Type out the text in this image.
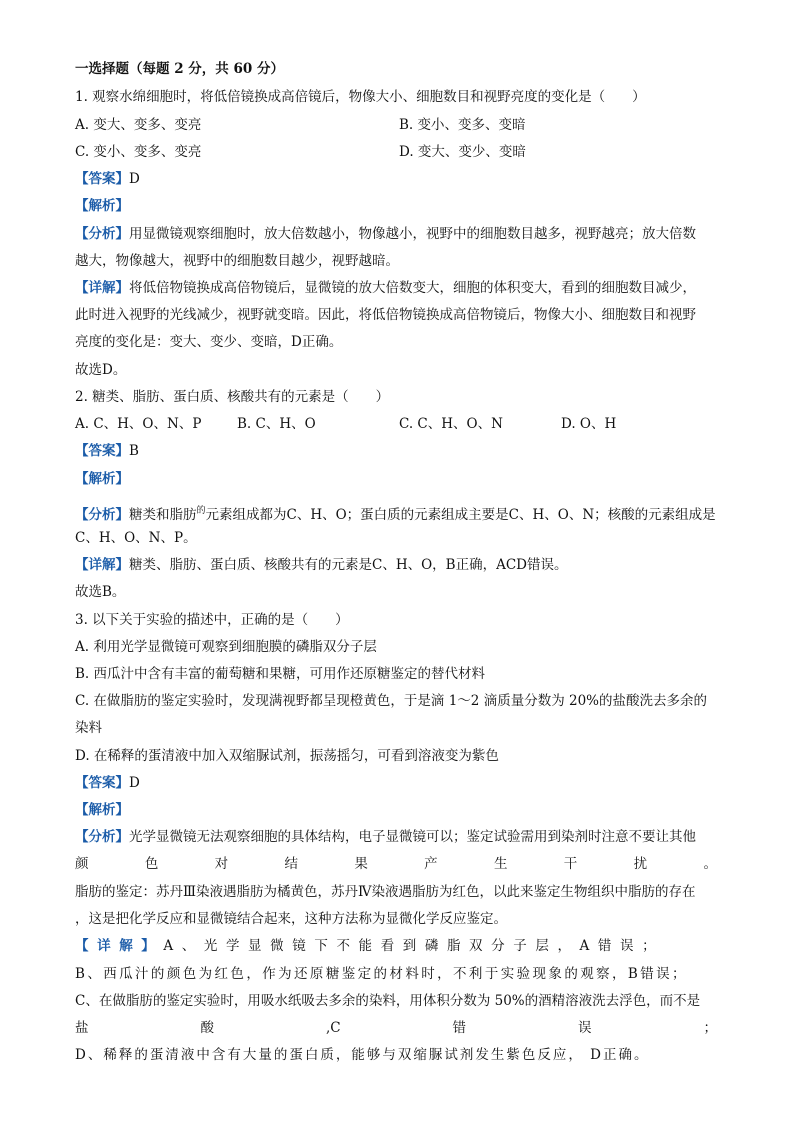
一选择题（每题 2 分，共 60 分）
1. 观察水绵细胞时，将低倍镜换成高倍镜后，物像大小、细胞数目和视野亮度的变化是（　　）
A. 变大、变多、变亮	B. 变小、变多、变暗
C. 变小、变多、变亮	D. 变大、变少、变暗
【答案】D
【解析】
【分析】用显微镜观察细胞时，放大倍数越小，物像越小，视野中的细胞数目越多，视野越亮；放大倍数
越大，物像越大，视野中的细胞数目越少，视野越暗。
【详解】将低倍物镜换成高倍物镜后，显微镜的放大倍数变大，细胞的体积变大，看到的细胞数目减少，
此时进入视野的光线减少，视野就变暗。因此，将低倍物镜换成高倍物镜后，物像大小、细胞数目和视野
亮度的变化是：变大、变少、变暗，D正确。
故选D。
2. 糖类、脂肪、蛋白质、核酸共有的元素是（　　）
A. C、H、O、N、P	B. C、H、O	C. C、H、O、N	D. O、H
【答案】B
【解析】
【分析】糖类和脂肪$^的$元素组成都为C、H、O；蛋白质的元素组成主要是C、H、O、N；核酸的元素组成是
C、H、O、N、P。
【详解】糖类、脂肪、蛋白质、核酸共有的元素是C、H、O，B正确，ACD错误。
故选B。
3. 以下关于实验的描述中，正确的是（　　）
A. 利用光学显微镜可观察到细胞膜的磷脂双分子层
B. 西瓜汁中含有丰富的葡萄糖和果糖，可用作还原糖鉴定的替代材料
C. 在做脂肪的鉴定实验时，发现满视野都呈现橙黄色，于是滴 1～2 滴质量分数为 20%的盐酸洗去多余的
染料
D. 在稀释的蛋清液中加入双缩脲试剂，振荡摇匀，可看到溶液变为紫色
【答案】D
【解析】
【分析】光学显微镜无法观察细胞的具体结构，电子显微镜可以；鉴定试验需用到染剂时注意不要让其他
颜	色	对	结	果	产	生	干	扰	。
脂肪的鉴定：苏丹Ⅲ染液遇脂肪为橘黄色，苏丹Ⅳ染液遇脂肪为红色，以此来鉴定生物组织中脂肪的存在
，这是把化学反应和显微镜结合起来，这种方法称为显微化学反应鉴定。
【详解】A、光学显微镜下不能看到磷脂双分子层，A错误；
B、西瓜汁的颜色为红色，作为还原糖鉴定的材料时，不利于实验现象的观察，B错误；
C、在做脂肪的鉴定实验时，用吸水纸吸去多余的染料，用体积分数为 50%的酒精溶液洗去浮色，而不是
盐	酸	,C	错	误	；
D、稀释的蛋清液中含有大量的蛋白质，能够与双缩脲试剂发生紫色反应， D正确。
